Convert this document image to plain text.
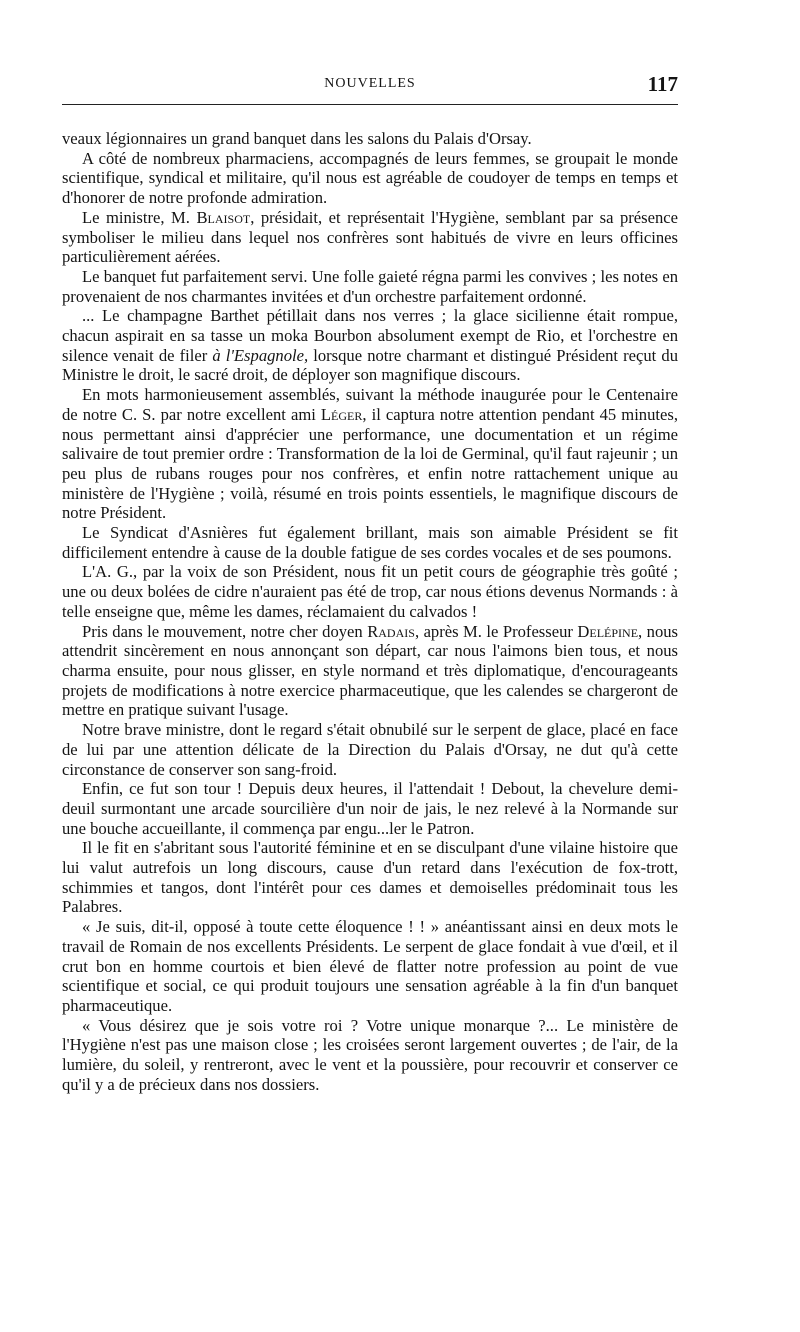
NOUVELLES	117

veaux légionnaires un grand banquet dans les salons du Palais d'Orsay.

A côté de nombreux pharmaciens, accompagnés de leurs femmes, se groupait le monde scientifique, syndical et militaire, qu'il nous est agréable de coudoyer de temps en temps et d'honorer de notre profonde admiration.

Le ministre, M. Blaisot, présidait, et représentait l'Hygiène, semblant par sa présence symboliser le milieu dans lequel nos confrères sont habitués de vivre en leurs officines particulièrement aérées.

Le banquet fut parfaitement servi. Une folle gaieté régna parmi les convives ; les notes en provenaient de nos charmantes invitées et d'un orchestre parfaitement ordonné.

... Le champagne Barthet pétillait dans nos verres ; la glace sicilienne était rompue, chacun aspirait en sa tasse un moka Bourbon absolument exempt de Rio, et l'orchestre en silence venait de filer à l'Espagnole, lorsque notre charmant et distingué Président reçut du Ministre le droit, le sacré droit, de déployer son magnifique discours.

En mots harmonieusement assemblés, suivant la méthode inaugurée pour le Centenaire de notre C. S. par notre excellent ami Léger, il captura notre attention pendant 45 minutes, nous permettant ainsi d'apprécier une performance, une documentation et un régime salivaire de tout premier ordre : Transformation de la loi de Germinal, qu'il faut rajeunir ; un peu plus de rubans rouges pour nos confrères, et enfin notre rattachement unique au ministère de l'Hygiène ; voilà, résumé en trois points essentiels, le magnifique discours de notre Président.

Le Syndicat d'Asnières fut également brillant, mais son aimable Président se fit difficilement entendre à cause de la double fatigue de ses cordes vocales et de ses poumons.

L'A. G., par la voix de son Président, nous fit un petit cours de géographie très goûté ; une ou deux bolées de cidre n'auraient pas été de trop, car nous étions devenus Normands : à telle enseigne que, même les dames, réclamaient du calvados !

Pris dans le mouvement, notre cher doyen Radais, après M. le Professeur Delépine, nous attendrit sincèrement en nous annonçant son départ, car nous l'aimons bien tous, et nous charma ensuite, pour nous glisser, en style normand et très diplomatique, d'encourageants projets de modifications à notre exercice pharmaceutique, que les calendes se chargeront de mettre en pratique suivant l'usage.

Notre brave ministre, dont le regard s'était obnubilé sur le serpent de glace, placé en face de lui par une attention délicate de la Direction du Palais d'Orsay, ne dut qu'à cette circonstance de conserver son sang-froid.

Enfin, ce fut son tour ! Depuis deux heures, il l'attendait ! Debout, la chevelure demi-deuil surmontant une arcade sourcilière d'un noir de jais, le nez relevé à la Normande sur une bouche accueillante, il commença par engu...ler le Patron.

Il le fit en s'abritant sous l'autorité féminine et en se disculpant d'une vilaine histoire que lui valut autrefois un long discours, cause d'un retard dans l'exécution de fox-trott, schimmies et tangos, dont l'intérêt pour ces dames et demoiselles prédominait tous les Palabres.

« Je suis, dit-il, opposé à toute cette éloquence ! ! » anéantissant ainsi en deux mots le travail de Romain de nos excellents Présidents. Le serpent de glace fondait à vue d'œil, et il crut bon en homme courtois et bien élevé de flatter notre profession au point de vue scientifique et social, ce qui produit toujours une sensation agréable à la fin d'un banquet pharmaceutique.

« Vous désirez que je sois votre roi ? Votre unique monarque ?... Le ministère de l'Hygiène n'est pas une maison close ; les croisées seront largement ouvertes ; de l'air, de la lumière, du soleil, y rentreront, avec le vent et la poussière, pour recouvrir et conserver ce qu'il y a de précieux dans nos dossiers.
